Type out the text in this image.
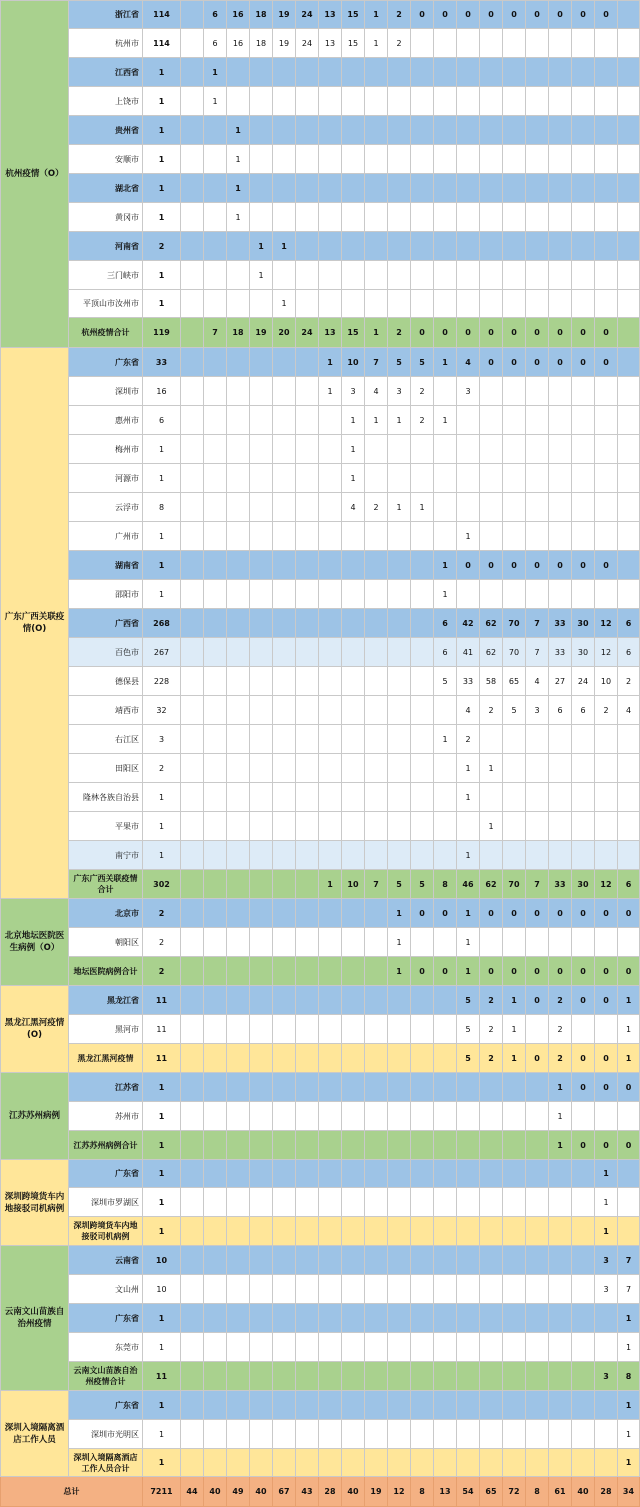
杭州疫情（O）	浙江省	114		6	16	18	19	24	13	15	1	2	0	0	0	0	0	0	0	0	0	
	杭州市	114		6	16	18	19	24	13	15	1	2										
	江西省	1		1																		
	上饶市	1		1																		
	贵州省	1			1																	
	安顺市	1			1																	
	湖北省	1			1																	
	黄冈市	1			1																	
	河南省	2				1	1															
	三门峡市	1				1																
	平顶山市汝州市	1					1															
	杭州疫情合计	119		7	18	19	20	24	13	15	1	2	0	0	0	0	0	0	0	0	0	
广东广西关联疫情(O)	广东省	33							1	10	7	5	5	1	4	0	0	0	0	0	0	
	深圳市	16							1	3	4	3	2		3							
	惠州市	6								1	1	1	2	1								
	梅州市	1								1												
	河源市	1								1												
	云浮市	8								4	2	1	1									
	广州市	1													1							
	湖南省	1												1	0	0	0	0	0	0	0	
	邵阳市	1												1								
	广西省	268												6	42	62	70	7	33	30	12	6
	百色市	267												6	41	62	70	7	33	30	12	6
	德保县	228												5	33	58	65	4	27	24	10	2
	靖西市	32													4	2	5	3	6	6	2	4
	右江区	3												1	2							
	田阳区	2													1	1						
	隆林各族自治县	1													1							
	平果市	1														1						
	南宁市	1													1							
	广东广西关联疫情合计	302							1	10	7	5	5	8	46	62	70	7	33	30	12	6
北京地坛医院医生病例（O）	北京市	2										1	0	0	1	0	0	0	0	0	0	0
	朝阳区	2										1			1							
	地坛医院病例合计	2										1	0	0	1	0	0	0	0	0	0	0
黑龙江黑河疫情(O)	黑龙江省	11													5	2	1	0	2	0	0	1
	黑河市	11													5	2	1		2			1
	黑龙江黑河疫情	11													5	2	1	0	2	0	0	1
江苏苏州病例	江苏省	1																	1	0	0	0
	苏州市	1																	1			
	江苏苏州病例合计	1																	1	0	0	0
深圳跨境货车内地接驳司机病例	广东省	1																			1	
	深圳市罗湖区	1																			1	
	深圳跨境货车内地接驳司机病例	1																			1	
云南文山苗族自治州疫情	云南省	10																			3	7
	文山州	10																			3	7
	广东省	1																				1
	东莞市	1																				1
	云南文山苗族自治州疫情合计	11																			3	8
深圳入境隔离酒店工作人员	广东省	1																				1
	深圳市光明区	1																				1
	深圳入境隔离酒店工作人员合计	1																				1
总计		7211	44	40	49	40	67	43	28	40	19	12	8	13	54	65	72	8	61	40	28	34
